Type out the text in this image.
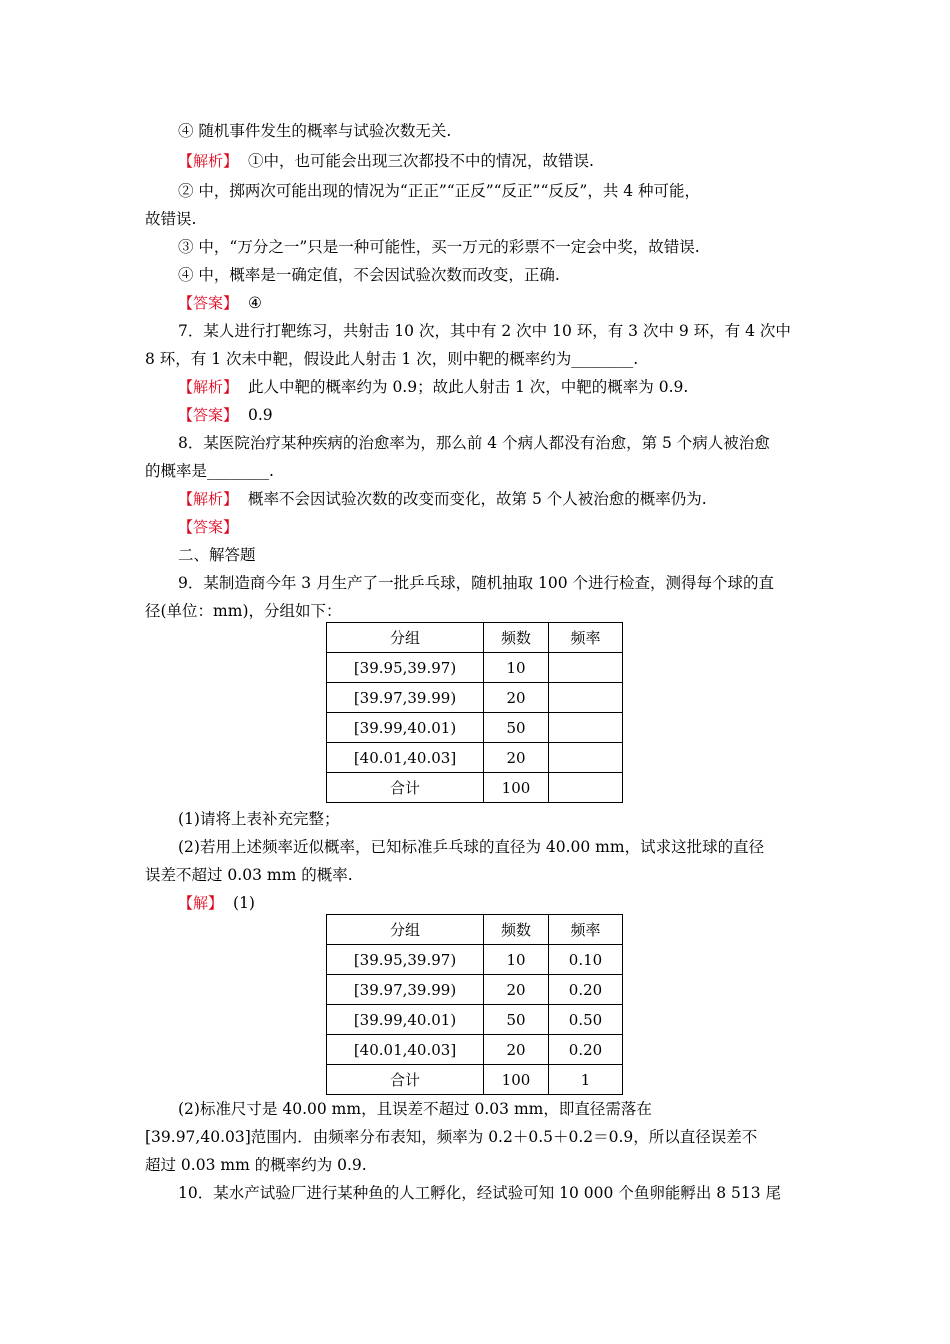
④ 随机事件发生的概率与试验次数无关.
【解析】 ①中，也可能会出现三次都投不中的情况，故错误.
② 中，掷两次可能出现的情况为“正正”“正反”“反正”“反反”，共 4 种可能，
故错误.
③ 中，“万分之一”只是一种可能性，买一万元的彩票不一定会中奖，故错误.
④ 中，概率是一确定值，不会因试验次数而改变，正确.
【答案】 ④
7．某人进行打靶练习，共射击 10 次，其中有 2 次中 10 环，有 3 次中 9 环，有 4 次中
8 环，有 1 次未中靶，假设此人射击 1 次，则中靶的概率约为________.
【解析】 此人中靶的概率约为 0.9；故此人射击 1 次，中靶的概率为 0.9.
【答案】 0.9
8．某医院治疗某种疾病的治愈率为，那么前 4 个病人都没有治愈，第 5 个病人被治愈
的概率是________.
【解析】 概率不会因试验次数的改变而变化，故第 5 个人被治愈的概率仍为.
【答案】
二、解答题
9．某制造商今年 3 月生产了一批乒乓球，随机抽取 100 个进行检查，测得每个球的直
径(单位：mm)，分组如下：
分组	频数	频率
[39.95,39.97)	10	
[39.97,39.99)	20	
[39.99,40.01)	50	
[40.01,40.03]	20	
合计	100	
(1)请将上表补充完整；
(2)若用上述频率近似概率，已知标准乒乓球的直径为 40.00 mm，试求这批球的直径
误差不超过 0.03 mm 的概率.
【解】 (1)
分组	频数	频率
[39.95,39.97)	10	0.10
[39.97,39.99)	20	0.20
[39.99,40.01)	50	0.50
[40.01,40.03]	20	0.20
合计	100	1
(2)标准尺寸是 40.00 mm，且误差不超过 0.03 mm，即直径需落在
[39.97,40.03]范围内．由频率分布表知，频率为 0.2＋0.5＋0.2＝0.9，所以直径误差不
超过 0.03 mm 的概率约为 0.9.
10．某水产试验厂进行某种鱼的人工孵化，经试验可知 10 000 个鱼卵能孵出 8 513 尾
